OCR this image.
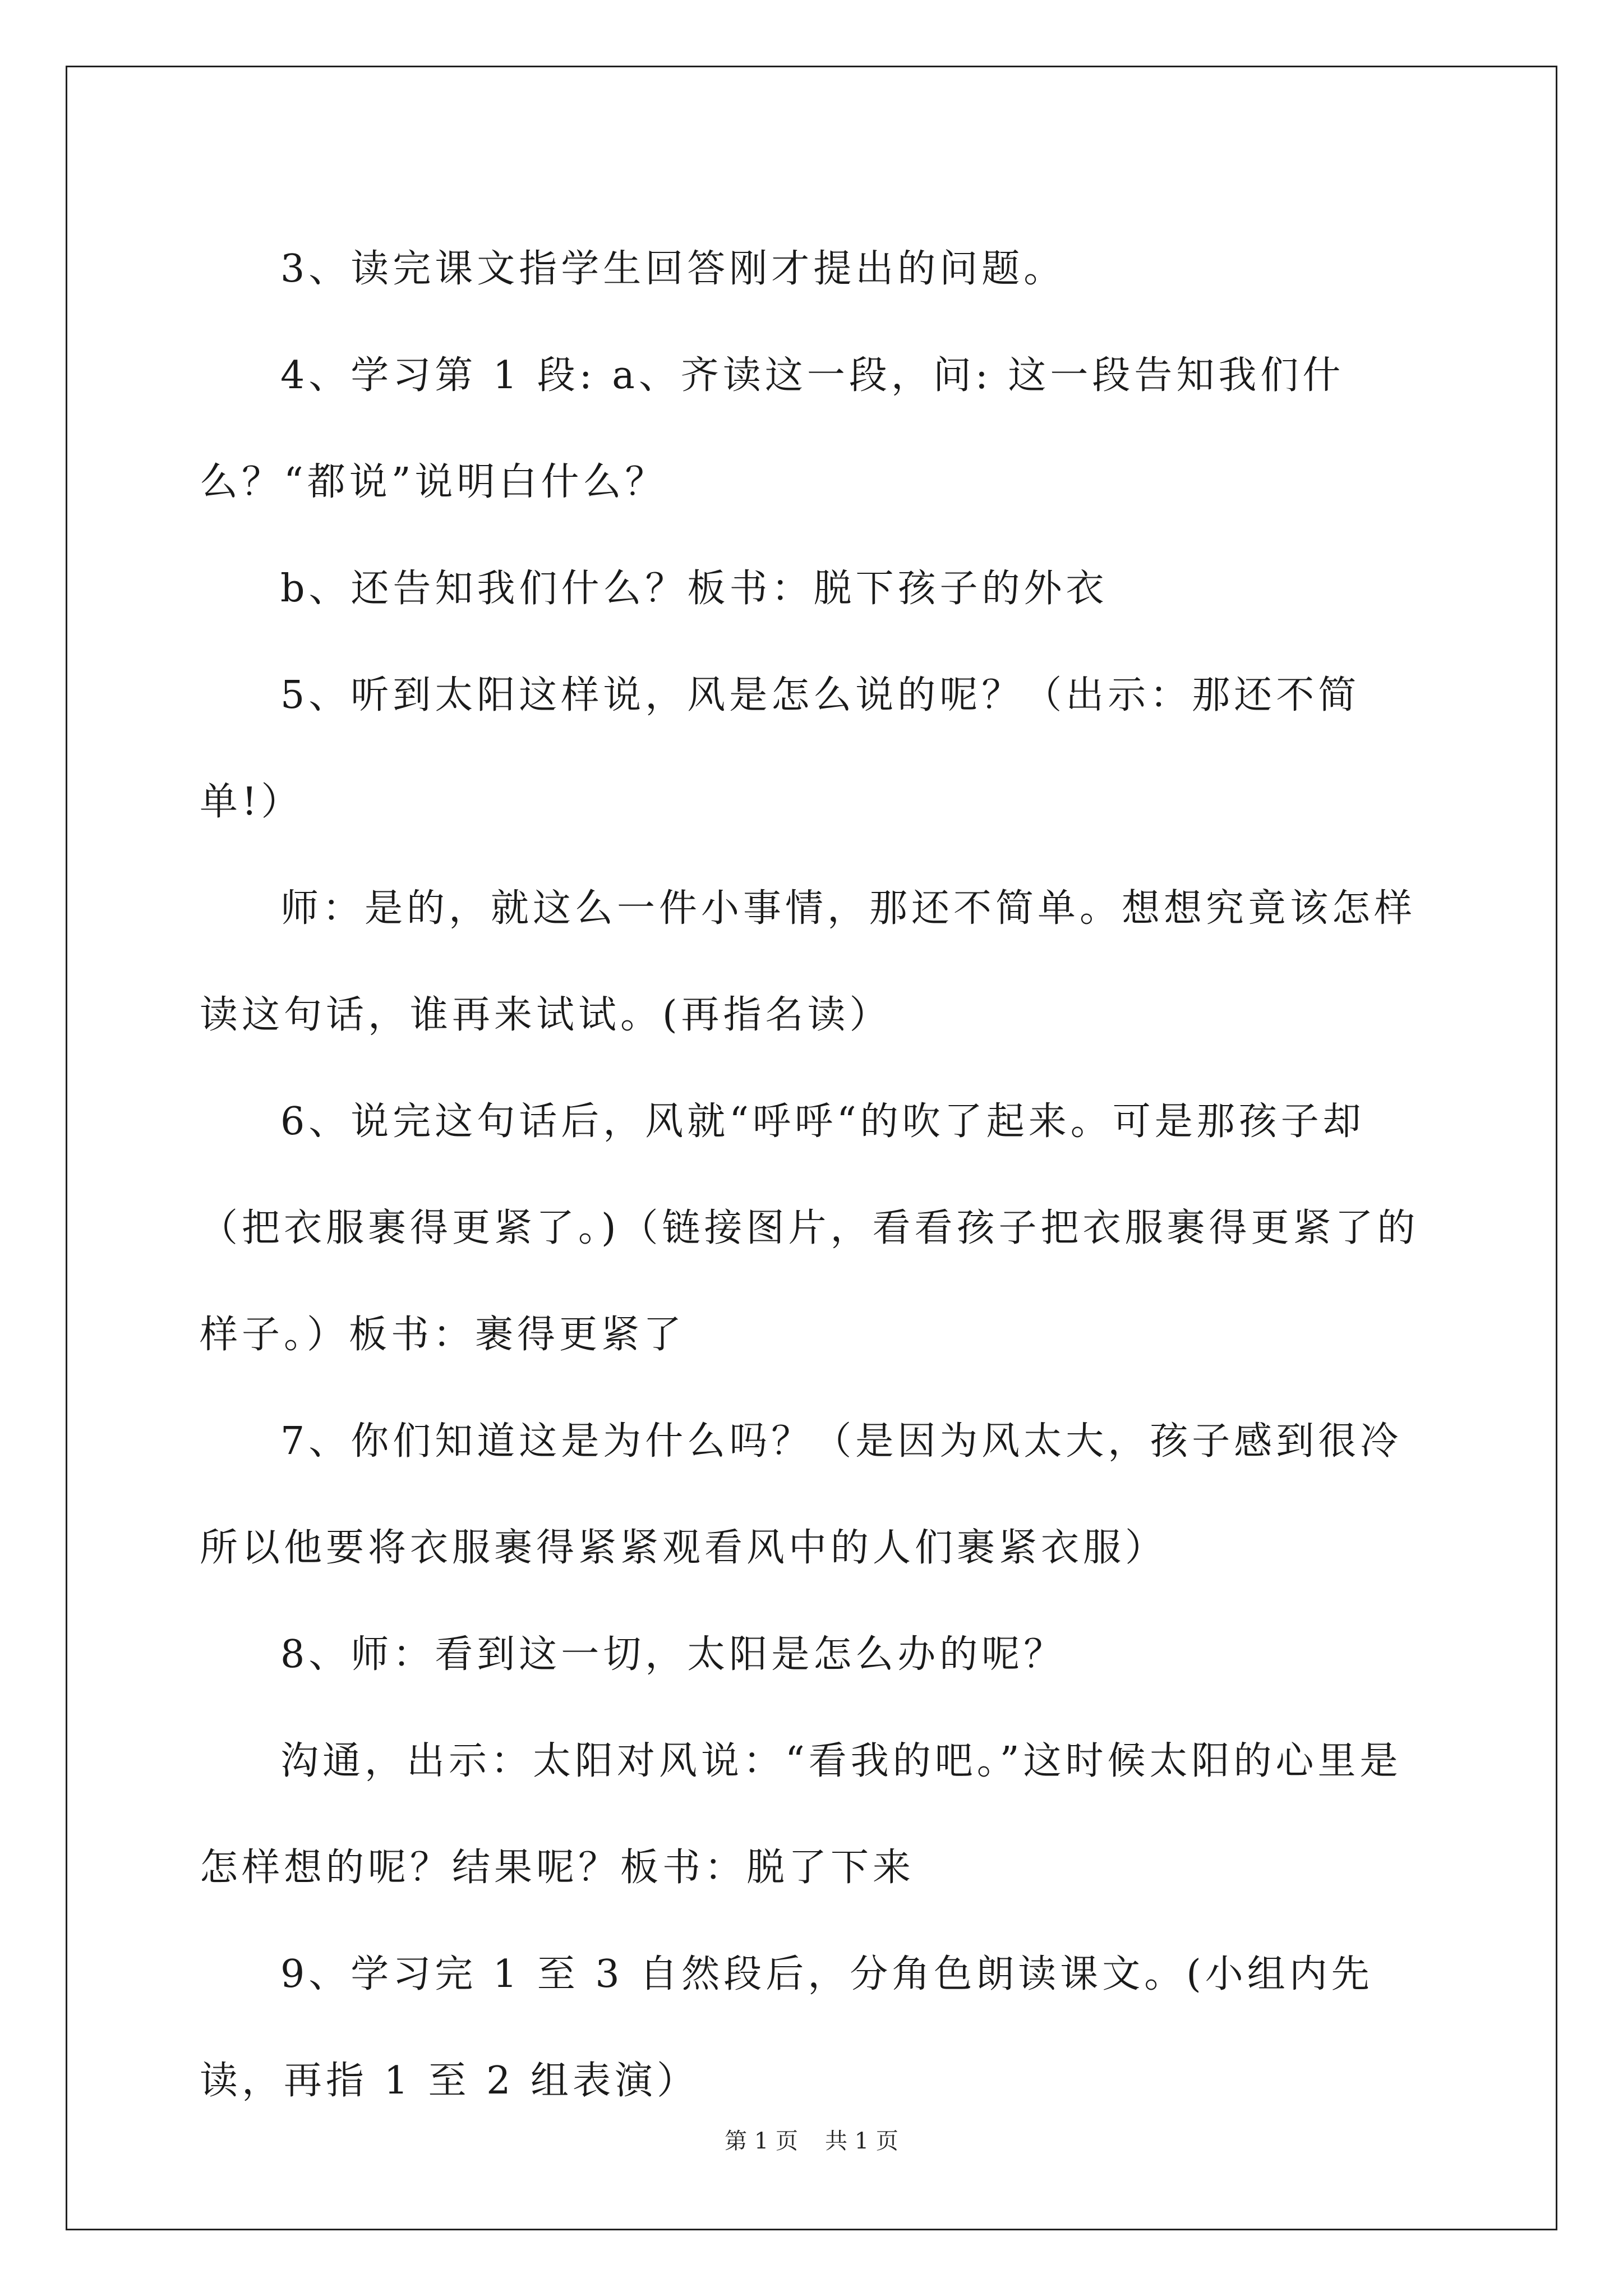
3、读完课文指学生回答刚才提出的问题。

4、学习第 1 段: a、齐读这一段，问: 这一段告知我们什么？“都说”说明白什么？

b、还告知我们什么？板书：脱下孩子的外衣

5、听到太阳这样说，风是怎么说的呢？（出示：那还不简单!）

师：是的，就这么一件小事情，那还不简单。想想究竟该怎样读这句话，谁再来试试。(再指名读）

6、说完这句话后，风就“呼呼“的吹了起来。可是那孩子却（把衣服裹得更紧了。)（链接图片，看看孩子把衣服裹得更紧了的样子。）板书：裹得更紧了

7、你们知道这是为什么吗？（是因为风太大，孩子感到很冷所以他要将衣服裹得紧紧观看风中的人们裹紧衣服）

8、师：看到这一切，太阳是怎么办的呢？

沟通，出示：太阳对风说：“看我的吧。”这时候太阳的心里是怎样想的呢？结果呢？板书：脱了下来

9、学习完 1 至 3 自然段后，分角色朗读课文。(小组内先读，再指 1 至 2 组表演）

第 1 页 共 1 页
